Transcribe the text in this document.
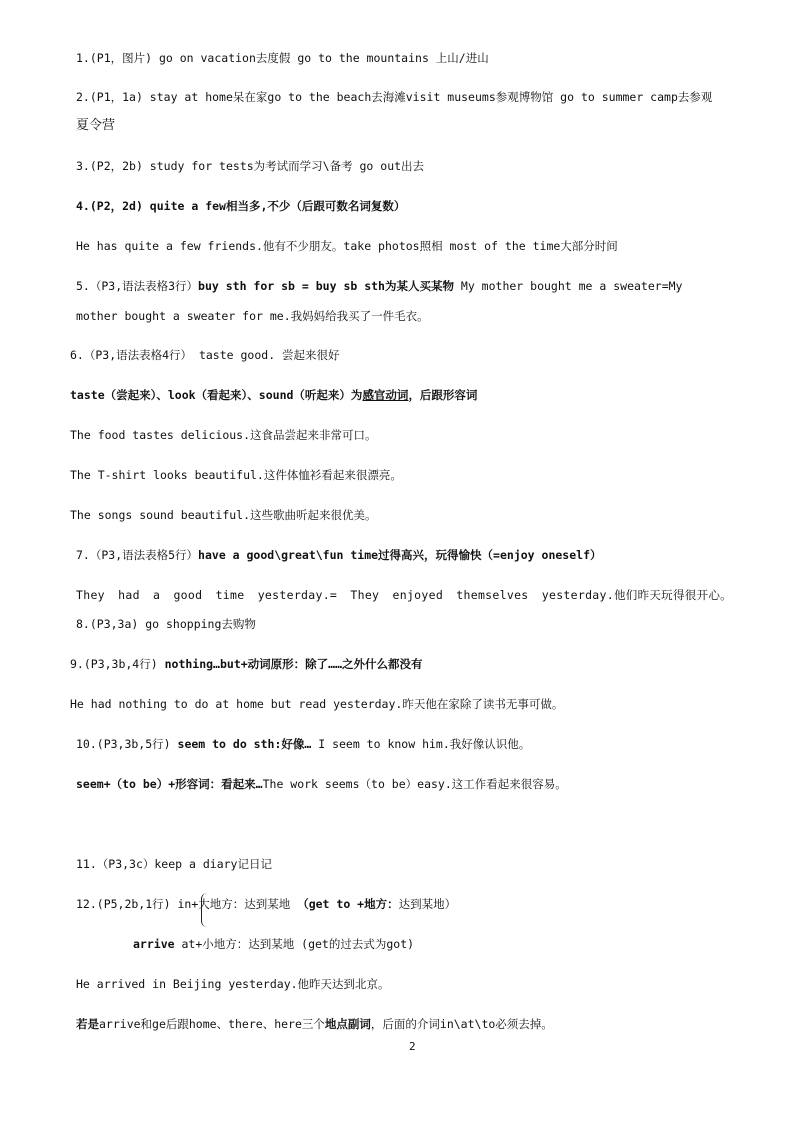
1.(P1，图片) go on vacation去度假 go to the mountains 上山/进山
2.(P1，1a) stay at home呆在家go to the beach去海滩visit museums参观博物馆 go to summer camp去参观
夏令营
3.(P2，2b) study for tests为考试而学习\备考 go out出去
4.(P2，2d) quite a few相当多,不少（后跟可数名词复数）
He has quite a few friends.他有不少朋友。take photos照相 most of the time大部分时间
5.（P3,语法表格3行）buy sth for sb = buy sb sth为某人买某物 My mother bought me a sweater=My
mother bought a sweater for me.我妈妈给我买了一件毛衣。
6.（P3,语法表格4行） taste good. 尝起来很好
taste（尝起来）、look（看起来）、sound（听起来）为感官动词，后跟形容词
The food tastes delicious.这食品尝起来非常可口。
The T-shirt looks beautiful.这件体恤衫看起来很漂亮。
The songs sound beautiful.这些歌曲听起来很优美。
7.（P3,语法表格5行）have a good\great\fun time过得高兴，玩得愉快（=enjoy oneself）
They had a good time yesterday.= They enjoyed themselves yesterday.他们昨天玩得很开心。
8.(P3,3a) go shopping去购物
9.(P3,3b,4行) nothing…but+动词原形：除了……之外什么都没有
He had nothing to do at home but read yesterday.昨天他在家除了读书无事可做。
10.(P3,3b,5行) seem to do sth:好像… I seem to know him.我好像认识他。
seem+（to be）+形容词：看起来…The work seems（to be）easy.这工作看起来很容易。
11.（P3,3c）keep a diary记日记
12.(P5,2b,1行) in+大地方：达到某地 （get to +地方：达到某地）
arrive at+小地方：达到某地 (get的过去式为got)
He arrived in Beijing yesterday.他昨天达到北京。
若是arrive和ge后跟home、there、here三个地点副词，后面的介词in\at\to必须去掉。
2
